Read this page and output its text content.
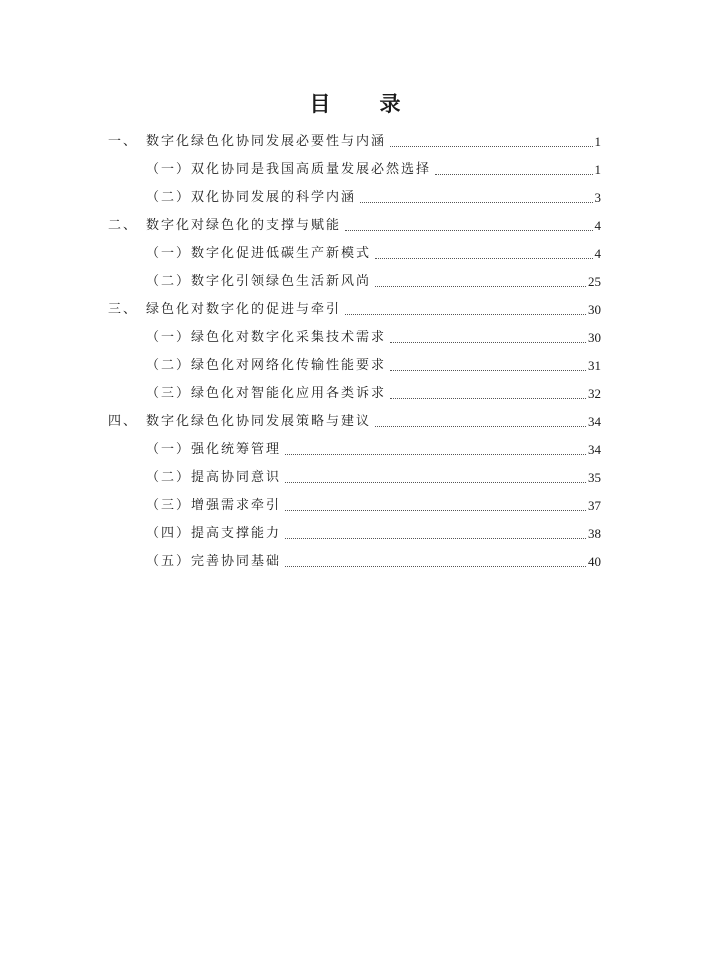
目　录
一、 数字化绿色化协同发展必要性与内涵	1
（一）双化协同是我国高质量发展必然选择	1
（二）双化协同发展的科学内涵	3
二、 数字化对绿色化的支撑与赋能	4
（一）数字化促进低碳生产新模式	4
（二）数字化引领绿色生活新风尚	25
三、 绿色化对数字化的促进与牵引	30
（一）绿色化对数字化采集技术需求	30
（二）绿色化对网络化传输性能要求	31
（三）绿色化对智能化应用各类诉求	32
四、 数字化绿色化协同发展策略与建议	34
（一）强化统筹管理	34
（二）提高协同意识	35
（三）增强需求牵引	37
（四）提高支撑能力	38
（五）完善协同基础	40
